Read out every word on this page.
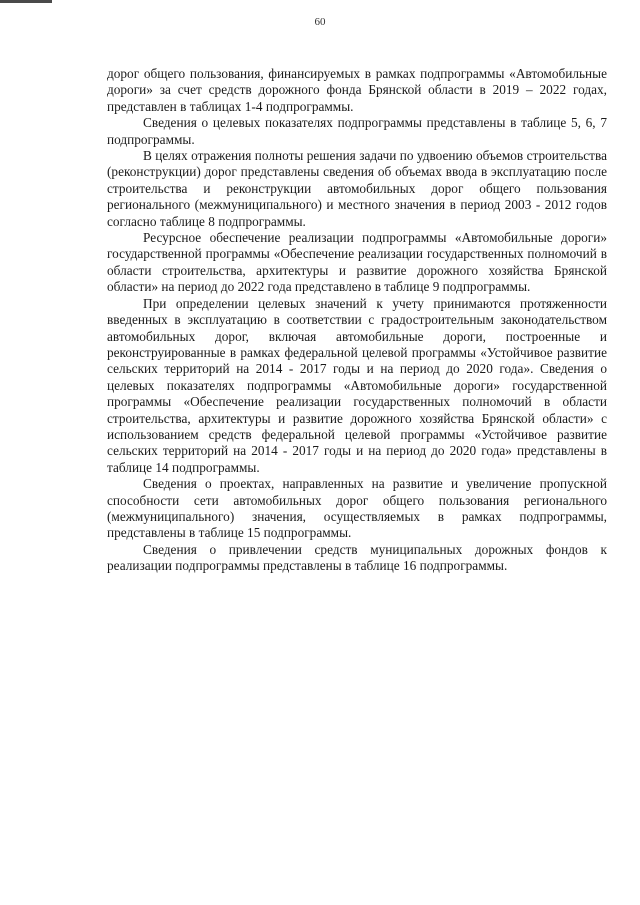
60

дорог общего пользования, финансируемых в рамках подпрограммы «Автомобильные дороги» за счет средств дорожного фонда Брянской области в 2019 – 2022 годах, представлен в таблицах 1-4 подпрограммы.

Сведения о целевых показателях подпрограммы представлены в таблице 5, 6, 7 подпрограммы.

В целях отражения полноты решения задачи по удвоению объемов строительства (реконструкции) дорог представлены сведения об объемах ввода в эксплуатацию после строительства и реконструкции автомобильных дорог общего пользования регионального (межмуниципального) и местного значения в период 2003 - 2012 годов согласно таблице 8 подпрограммы.

Ресурсное обеспечение реализации подпрограммы «Автомобильные дороги» государственной программы «Обеспечение реализации государственных полномочий в области строительства, архитектуры и развитие дорожного хозяйства Брянской области» на период до 2022 года представлено в таблице 9 подпрограммы.

При определении целевых значений к учету принимаются протяженности введенных в эксплуатацию в соответствии с градостроительным законодательством автомобильных дорог, включая автомобильные дороги, построенные и реконструированные в рамках федеральной целевой программы «Устойчивое развитие сельских территорий на 2014 - 2017 годы и на период до 2020 года». Сведения о целевых показателях подпрограммы «Автомобильные дороги» государственной программы «Обеспечение реализации государственных полномочий в области строительства, архитектуры и развитие дорожного хозяйства Брянской области» с использованием средств федеральной целевой программы «Устойчивое развитие сельских территорий на 2014 - 2017 годы и на период до 2020 года» представлены в таблице 14 подпрограммы.

Сведения о проектах, направленных на развитие и увеличение пропускной способности сети автомобильных дорог общего пользования регионального (межмуниципального) значения, осуществляемых в рамках подпрограммы, представлены в таблице 15 подпрограммы.

Сведения о привлечении средств муниципальных дорожных фондов к реализации подпрограммы представлены в таблице 16 подпрограммы.
